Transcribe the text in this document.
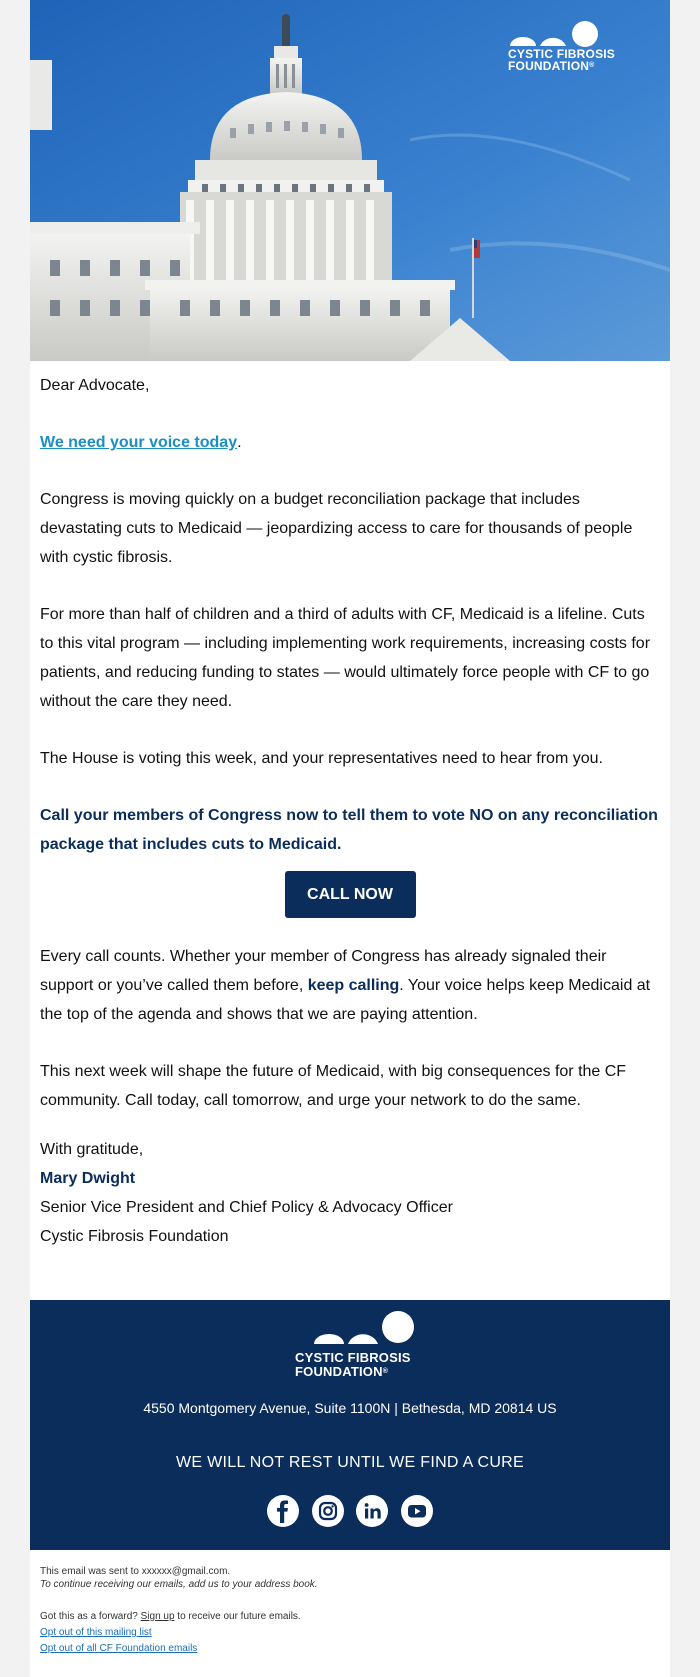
CYSTIC FIBROSIS
FOUNDATION®

Dear Advocate,

We need your voice today.

Congress is moving quickly on a budget reconciliation package that includes devastating cuts to Medicaid — jeopardizing access to care for thousands of people with cystic fibrosis.

For more than half of children and a third of adults with CF, Medicaid is a lifeline. Cuts to this vital program — including implementing work requirements, increasing costs for patients, and reducing funding to states — would ultimately force people with CF to go without the care they need.

The House is voting this week, and your representatives need to hear from you.

Call your members of Congress now to tell them to vote NO on any reconciliation package that includes cuts to Medicaid.

CALL NOW

Every call counts. Whether your member of Congress has already signaled their support or you’ve called them before, keep calling. Your voice helps keep Medicaid at the top of the agenda and shows that we are paying attention.

This next week will shape the future of Medicaid, with big consequences for the CF community. Call today, call tomorrow, and urge your network to do the same.

With gratitude,

Mary Dwight

Senior Vice President and Chief Policy & Advocacy Officer

Cystic Fibrosis Foundation

CYSTIC FIBROSIS
FOUNDATION®
4550 Montgomery Avenue, Suite 1100N | Bethesda, MD 20814 US
WE WILL NOT REST UNTIL WE FIND A CURE

This email was sent to xxxxxx@gmail.com.
To continue receiving our emails, add us to your address book.
Got this as a forward? Sign up to receive our future emails.
Opt out of this mailing list
Opt out of all CF Foundation emails
